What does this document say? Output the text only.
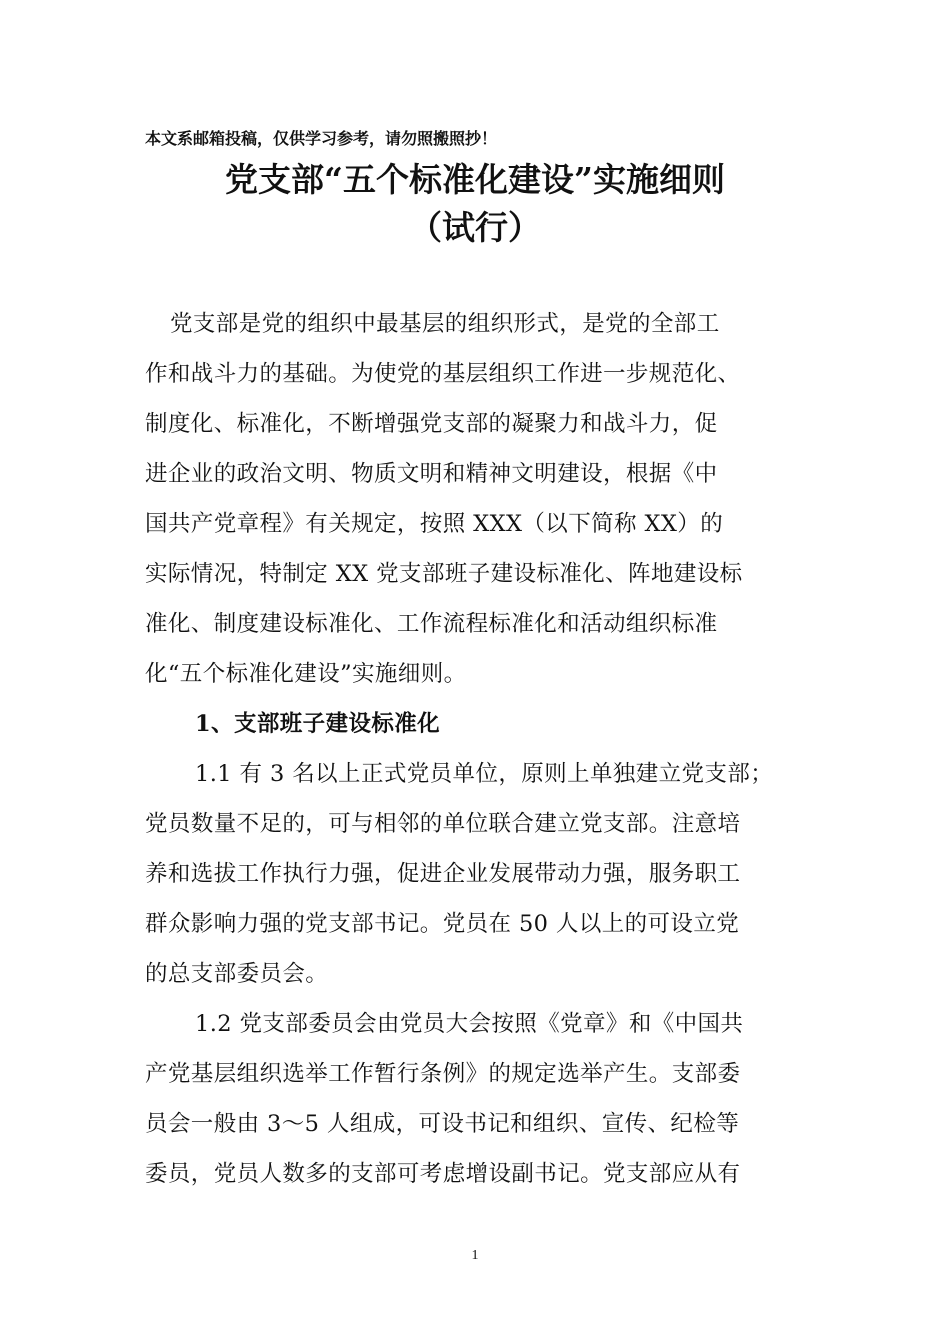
本文系邮箱投稿，仅供学习参考，请勿照搬照抄！
党支部“五个标准化建设”实施细则
（试行）
党支部是党的组织中最基层的组织形式，是党的全部工
作和战斗力的基础。为使党的基层组织工作进一步规范化、
制度化、标准化，不断增强党支部的凝聚力和战斗力，促
进企业的政治文明、物质文明和精神文明建设，根据《中
国共产党章程》有关规定，按照 XXX（以下简称 XX）的
实际情况，特制定 XX 党支部班子建设标准化、阵地建设标
准化、制度建设标准化、工作流程标准化和活动组织标准
化“五个标准化建设”实施细则。
1、支部班子建设标准化
1.1 有 3 名以上正式党员单位，原则上单独建立党支部；
党员数量不足的，可与相邻的单位联合建立党支部。注意培
养和选拔工作执行力强，促进企业发展带动力强，服务职工
群众影响力强的党支部书记。党员在 50 人以上的可设立党
的总支部委员会。
1.2 党支部委员会由党员大会按照《党章》和《中国共
产党基层组织选举工作暂行条例》的规定选举产生。支部委
员会一般由 3～5 人组成，可设书记和组织、宣传、纪检等
委员，党员人数多的支部可考虑增设副书记。党支部应从有
1
